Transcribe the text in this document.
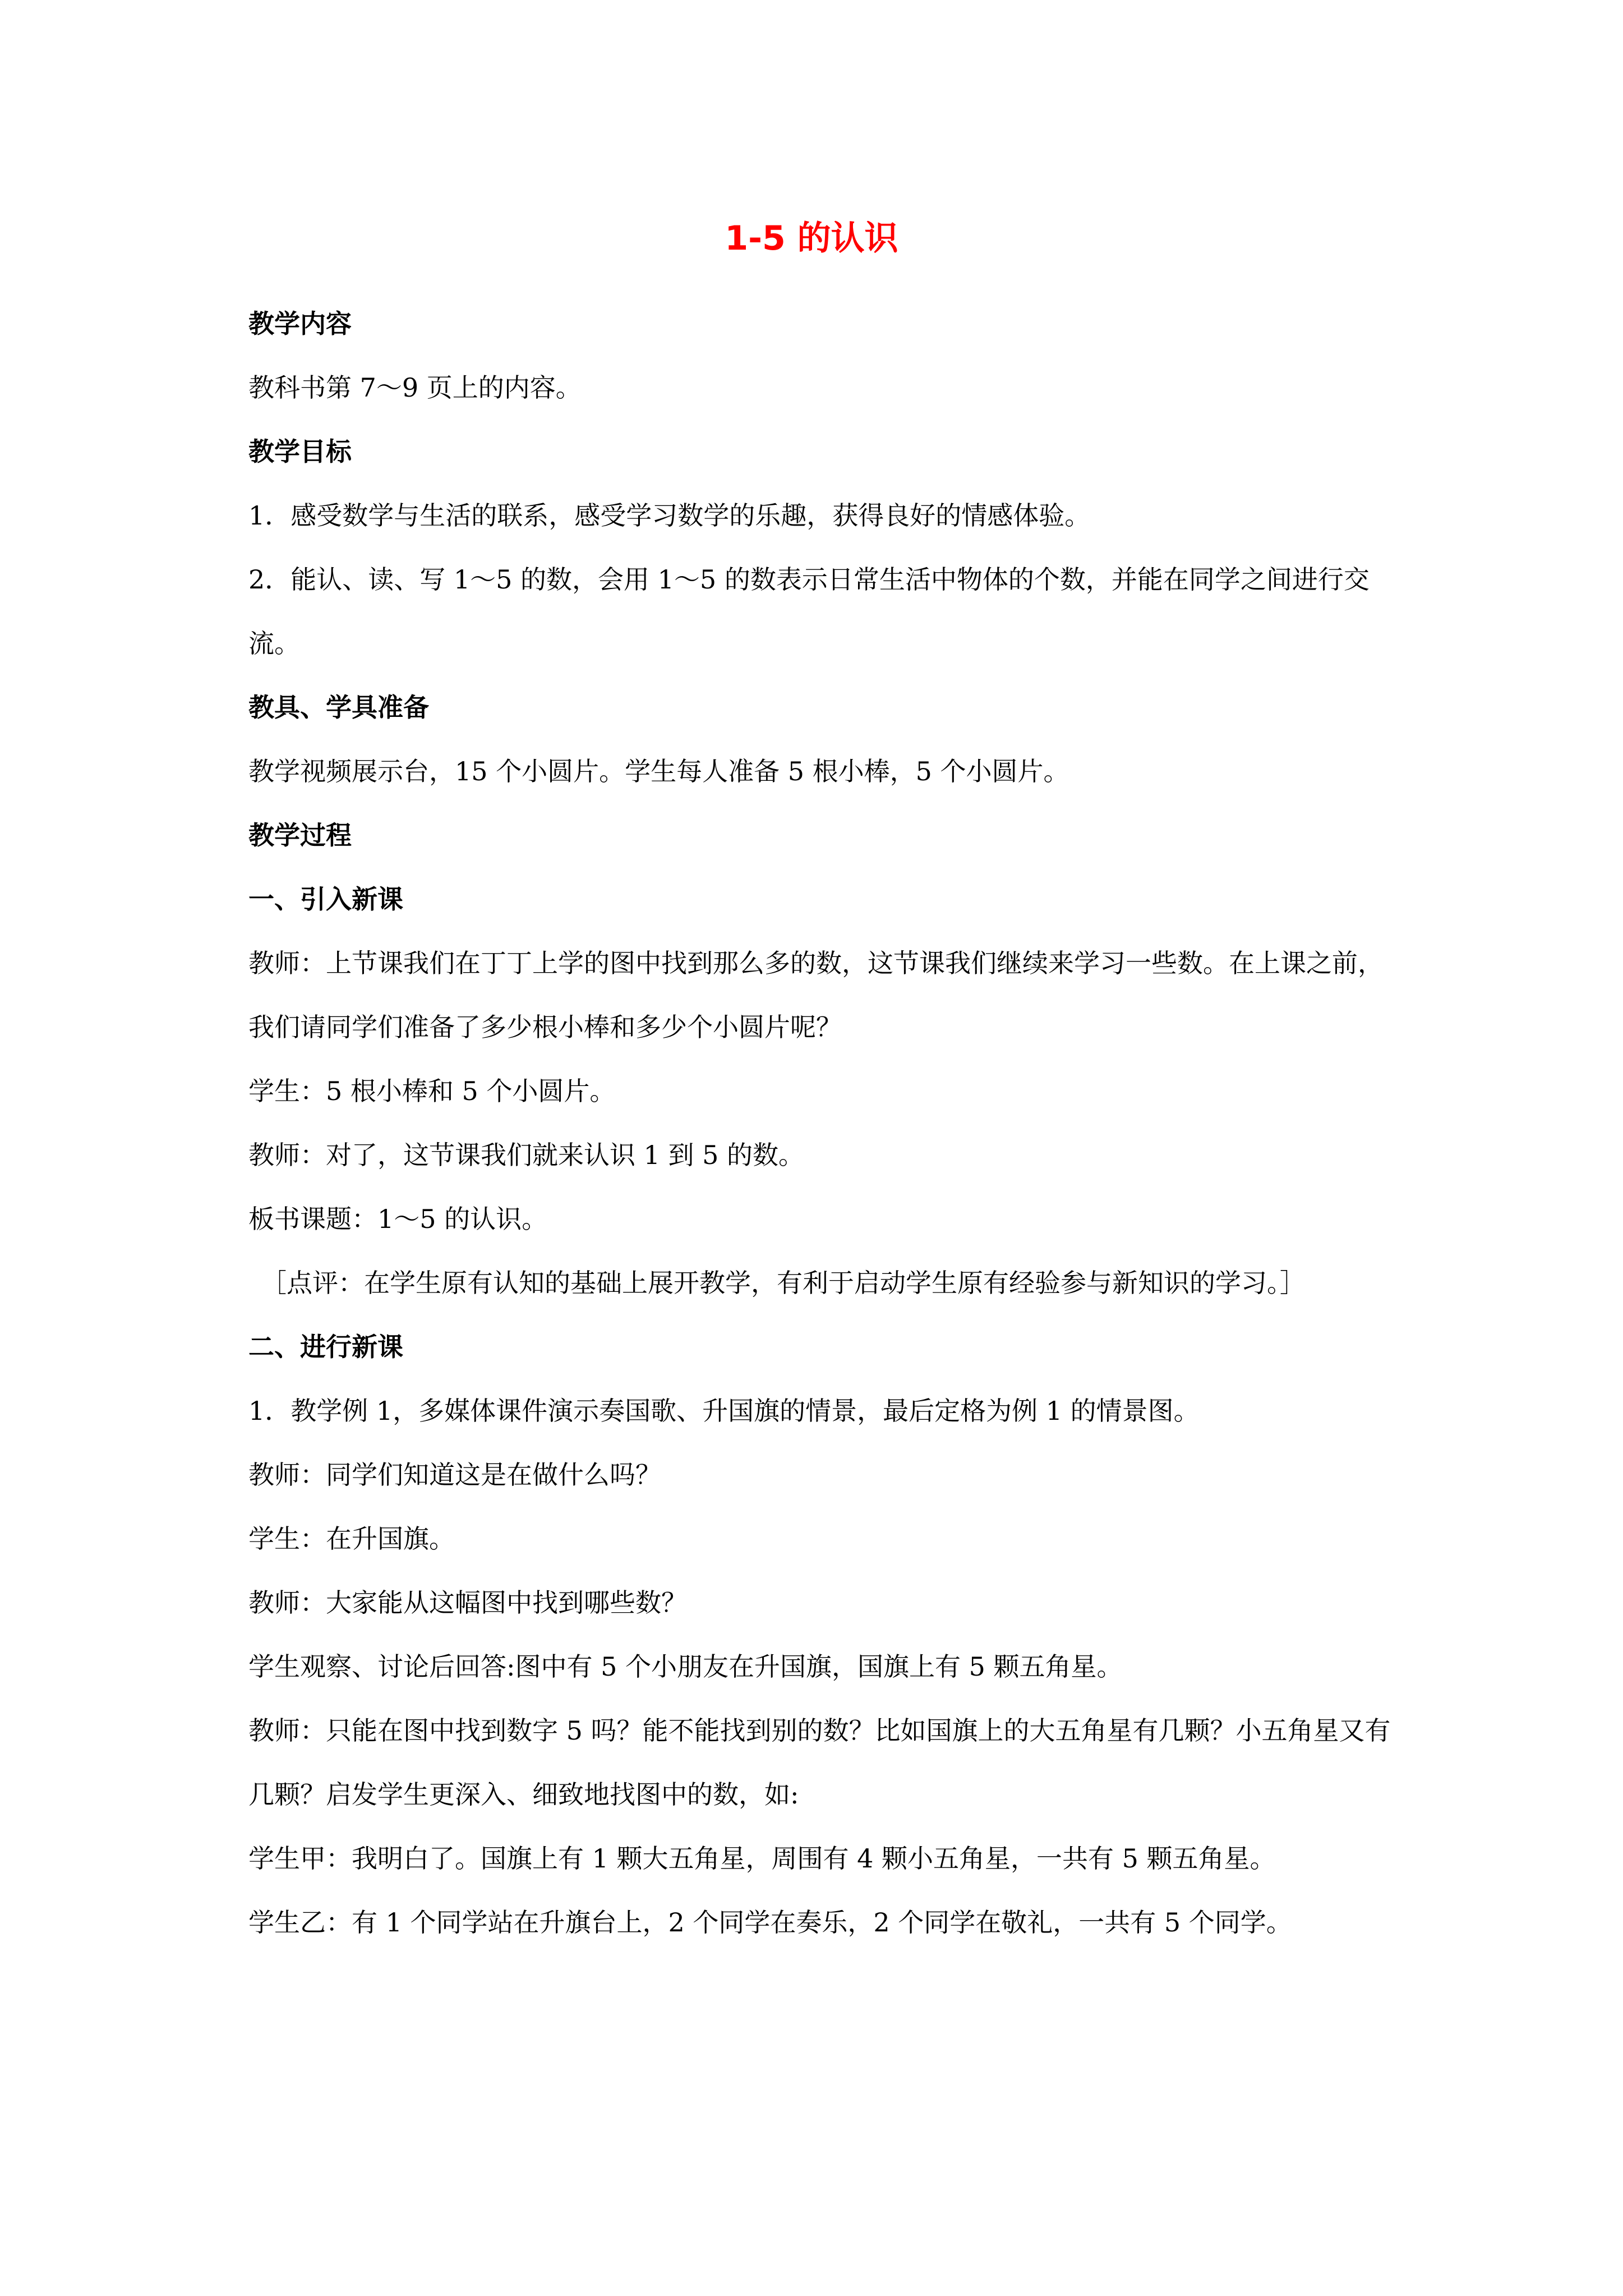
1-5 的认识

教学内容

教科书第 7～9 页上的内容。

教学目标

1．感受数学与生活的联系，感受学习数学的乐趣，获得良好的情感体验。

2．能认、读、写 1～5 的数，会用 1～5 的数表示日常生活中物体的个数，并能在同学之间进行交流。

教具、学具准备

教学视频展示台，15 个小圆片。学生每人准备 5 根小棒，5 个小圆片。

教学过程

一、引入新课

教师：上节课我们在丁丁上学的图中找到那么多的数，这节课我们继续来学习一些数。在上课之前，我们请同学们准备了多少根小棒和多少个小圆片呢？

学生：5 根小棒和 5 个小圆片。

教师：对了，这节课我们就来认识 1 到 5 的数。

板书课题：1～5 的认识。

［点评：在学生原有认知的基础上展开教学，有利于启动学生原有经验参与新知识的学习。］

二、进行新课

1．教学例 1，多媒体课件演示奏国歌、升国旗的情景，最后定格为例 1 的情景图。

教师：同学们知道这是在做什么吗？

学生：在升国旗。

教师：大家能从这幅图中找到哪些数？

学生观察、讨论后回答:图中有 5 个小朋友在升国旗，国旗上有 5 颗五角星。

教师：只能在图中找到数字 5 吗？能不能找到别的数？比如国旗上的大五角星有几颗？小五角星又有几颗？启发学生更深入、细致地找图中的数，如:

学生甲：我明白了。国旗上有 1 颗大五角星，周围有 4 颗小五角星，一共有 5 颗五角星。

学生乙：有 1 个同学站在升旗台上，2 个同学在奏乐，2 个同学在敬礼，一共有 5 个同学。
